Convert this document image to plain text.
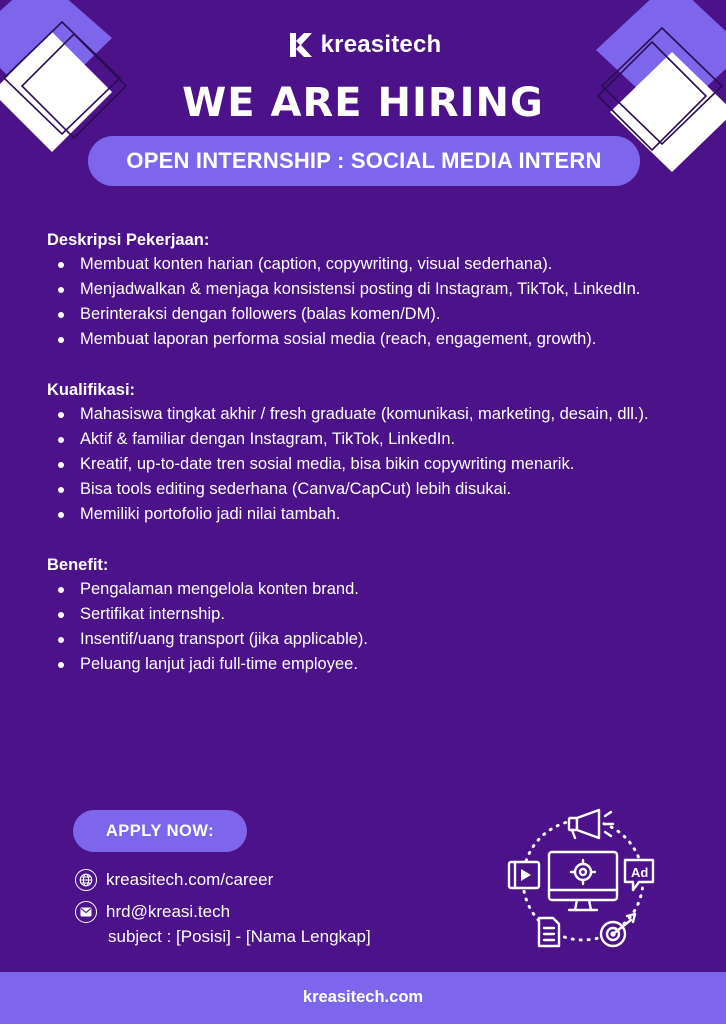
kreasitech
WE ARE HIRING
OPEN INTERNSHIP : SOCIAL MEDIA INTERN
Deskripsi Pekerjaan:
Membuat konten harian (caption, copywriting, visual sederhana).
Menjadwalkan & menjaga konsistensi posting di Instagram, TikTok, LinkedIn.
Berinteraksi dengan followers (balas komen/DM).
Membuat laporan performa sosial media (reach, engagement, growth).
Kualifikasi:
Mahasiswa tingkat akhir / fresh graduate (komunikasi, marketing, desain, dll.).
Aktif & familiar dengan Instagram, TikTok, LinkedIn.
Kreatif, up-to-date tren sosial media, bisa bikin copywriting menarik.
Bisa tools editing sederhana (Canva/CapCut) lebih disukai.
Memiliki portofolio jadi nilai tambah.
Benefit:
Pengalaman mengelola konten brand.
Sertifikat internship.
Insentif/uang transport (jika applicable).
Peluang lanjut jadi full-time employee.
APPLY NOW:
kreasitech.com/career
hrd@kreasi.tech
subject : [Posisi] - [Nama Lengkap]
Ad
kreasitech.com
